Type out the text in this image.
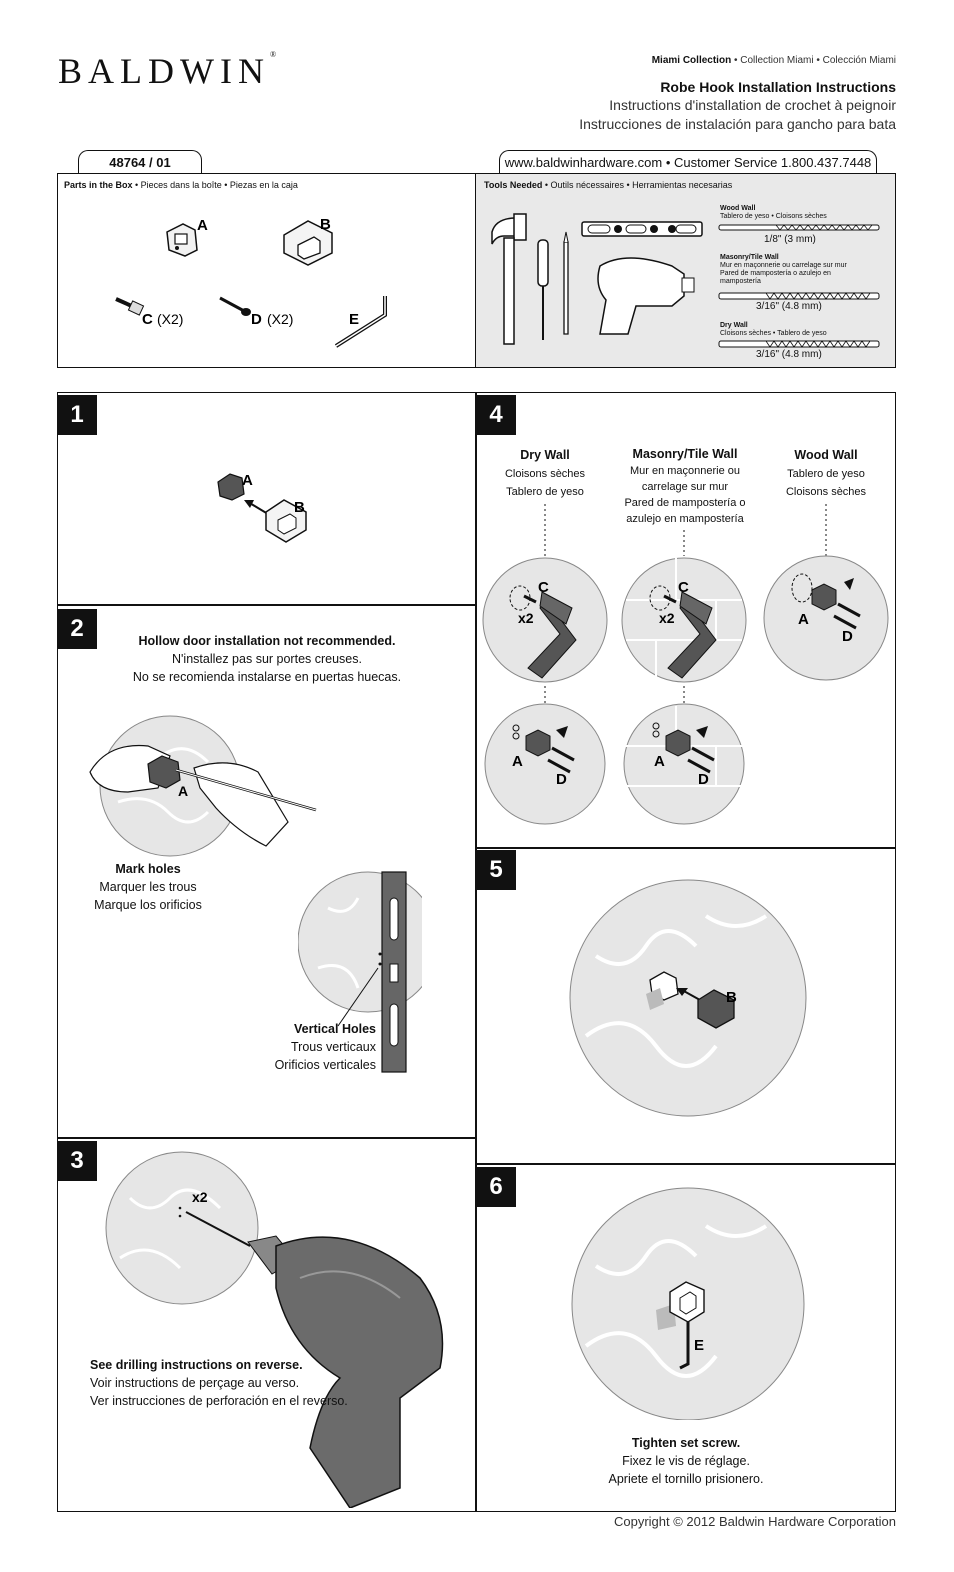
BALDWIN®
Miami Collection • Collection Miami • Colección Miami
Robe Hook Installation Instructions
Instructions d'installation de crochet à peignoir
Instrucciones de instalación para gancho para bata
48764 / 01	www.baldwinhardware.com • Customer Service 1.800.437.7448
Parts in the Box • Pieces dans la boîte • Piezas en la caja
A	B
C (X2)	D (X2)	E
Tools Needed • Outils nécessaires • Herramientas necesarias
Wood Wall
Tablero de yeso • Cloisons sèches
1/8" (3 mm)
Masonry/Tile Wall
Mur en maçonnerie ou carrelage sur mur
Pared de mampostería o azulejo en
mampostería
3/16" (4.8 mm)
Dry Wall
Cloisons sèches • Tablero de yeso
3/16" (4.8 mm)
1
2
3
4
5
6
A
B
Hollow door installation not recommended.
N'installez pas sur portes creuses.
No se recomienda instalarse en puertas huecas.
A
Mark holes
Marquer les trous
Marque los orificios
Vertical Holes
Trous verticaux
Orificios verticales
x2
See drilling instructions on reverse.
Voir instructions de perçage au verso.
Ver instrucciones de perforación en el reverso.
Dry Wall
Cloisons sèches
Tablero de yeso
Masonry/Tile Wall
Mur en maçonnerie ou
carrelage sur mur
Pared de mampostería o
azulejo en mampostería
Wood Wall
Tablero de yeso
Cloisons sèches
C
x2
C
x2	A
D
A
D
A
D
B
E
Tighten set screw.
Fixez le vis de réglage.
Apriete el tornillo prisionero.
Copyright © 2012 Baldwin Hardware Corporation
